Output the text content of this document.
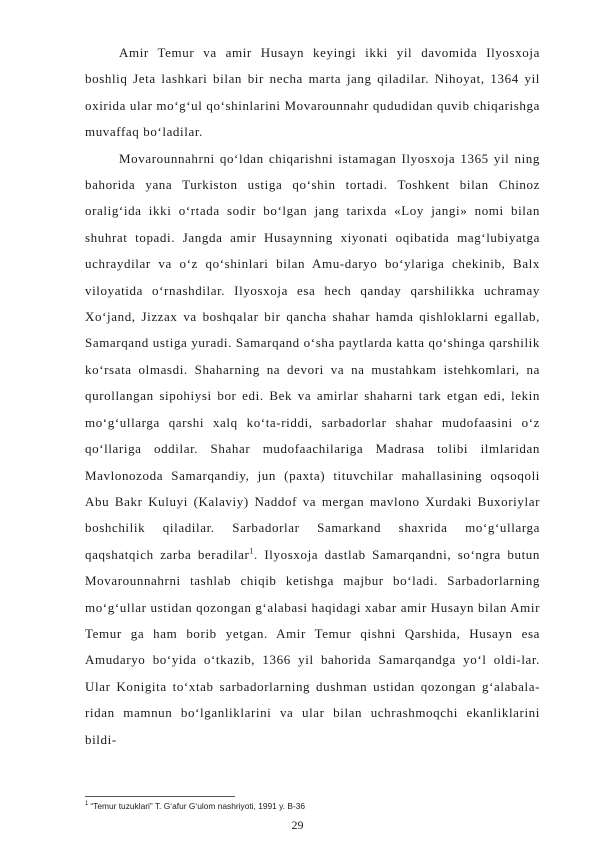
Amir Temur va amir Husayn keyingi ikki yil davomida Ilyosxoja boshliq Jeta lashkari bilan bir necha marta jang qiladilar. Nihoyat, 1364 yil oxirida ular mo‘g‘ul qo‘shinlarini Movarounnahr qududidan quvib chiqarishga muvaffaq bo‘ladilar.

Movarounnahrni qo‘ldan chiqarishni istamagan Ilyosxoja 1365 yil ning bahorida yana Turkiston ustiga qo‘shin tortadi. Toshkent bilan Chinoz oralig‘ida ikki o‘rtada sodir bo‘lgan jang tarixda «Loy jangi» nomi bilan shuhrat topadi. Jangda amir Husaynning xiyonati oqibatida mag‘lubiyatga uchraydilar va o‘z qo‘shinlari bilan Amu-daryo bo‘ylariga chekinib, Balx viloyatida o‘rnashdilar. Ilyosxoja esa hech qanday qarshilikka uchramay Xo‘jand, Jizzax va boshqalar bir qancha shahar hamda qishloklarni egallab, Samarqand ustiga yuradi. Samarqand o‘sha paytlarda katta qo‘shinga qarshilik ko‘rsata olmasdi. Shaharning na devori va na mustahkam istehkomlari, na qurollangan sipohiysi bor edi. Bek va amirlar shaharni tark etgan edi, lekin mo‘g‘ullarga qarshi xalq ko‘ta-riddi, sarbadorlar shahar mudofaasini o‘z qo‘llariga oddilar. Shahar mudofaachilariga Madrasa tolibi ilmlaridan Mavlonozoda Samarqandiy, jun (paxta) tituvchilar mahallasining oqsoqoli Abu Bakr Kuluyi (Kalaviy) Naddof va mergan mavlono Xurdaki Buxoriylar boshchilik qiladilar. Sarbadorlar Samarkand shaxrida mo‘g‘ullarga qaqshatqich zarba beradilar$^1$. Ilyosxoja dastlab Samarqandni, so‘ngra butun Movarounnahrni tashlab chiqib ketishga majbur bo‘ladi. Sarbadorlarning mo‘g‘ullar ustidan qozongan g‘alabasi haqidagi xabar amir Husayn bilan Amir Temur ga ham borib yetgan. Amir Temur qishni Qarshida, Husayn esa Amudaryo bo‘yida o‘tkazib, 1366 yil bahorida Samarqandga yo‘l oldi-lar. Ular Konigita to‘xtab sarbadorlarning dushman ustidan qozongan g‘alabala-ridan mamnun bo‘lganliklarini va ular bilan uchrashmoqchi ekanliklarini bildi-

$^1$ “Temur tuzuklari” T. G‘afur G‘ulom nashriyoti, 1991 y. B-36
29
